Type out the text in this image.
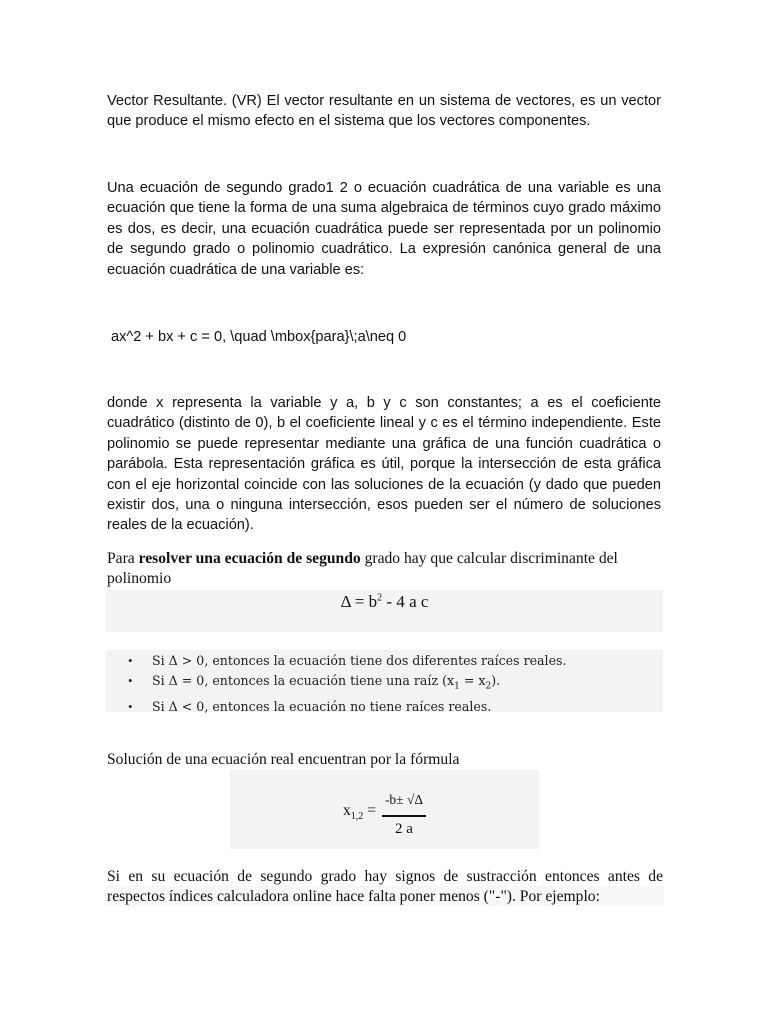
Vector Resultante. (VR) El vector resultante en un sistema de vectores, es un vector que produce el mismo efecto en el sistema que los vectores componentes.

Una ecuación de segundo grado1 2 o ecuación cuadrática de una variable es una ecuación que tiene la forma de una suma algebraica de términos cuyo grado máximo es dos, es decir, una ecuación cuadrática puede ser representada por un polinomio de segundo grado o polinomio cuadrático. La expresión canónica general de una ecuación cuadrática de una variable es:

ax^2 + bx + c = 0, \quad \mbox{para}\;a\neq 0

donde x representa la variable y a, b y c son constantes; a es el coeficiente cuadrático (distinto de 0), b el coeficiente lineal y c es el término independiente. Este polinomio se puede representar mediante una gráfica de una función cuadrática o parábola. Esta representación gráfica es útil, porque la intersección de esta gráfica con el eje horizontal coincide con las soluciones de la ecuación (y dado que pueden existir dos, una o ninguna intersección, esos pueden ser el número de soluciones reales de la ecuación).

Para resolver una ecuación de segundo grado hay que calcular discriminante del polinomio

$\Delta = b^2 - 4$ a c
• Si Δ > 0, entonces la ecuación tiene dos diferentes raíces reales.
• Si Δ = 0, entonces la ecuación tiene una raíz $(x_1 = x_2)$.
• Si Δ < 0, entonces la ecuación no tiene raíces reales.

Solución de una ecuación real encuentran por la fórmula

$x_{1,2}$ =
-b± √Δ
2 a

Si en su ecuación de segundo grado hay signos de sustracción entonces antes de respectos índices calculadora online hace falta poner menos ("-"). Por ejemplo:
